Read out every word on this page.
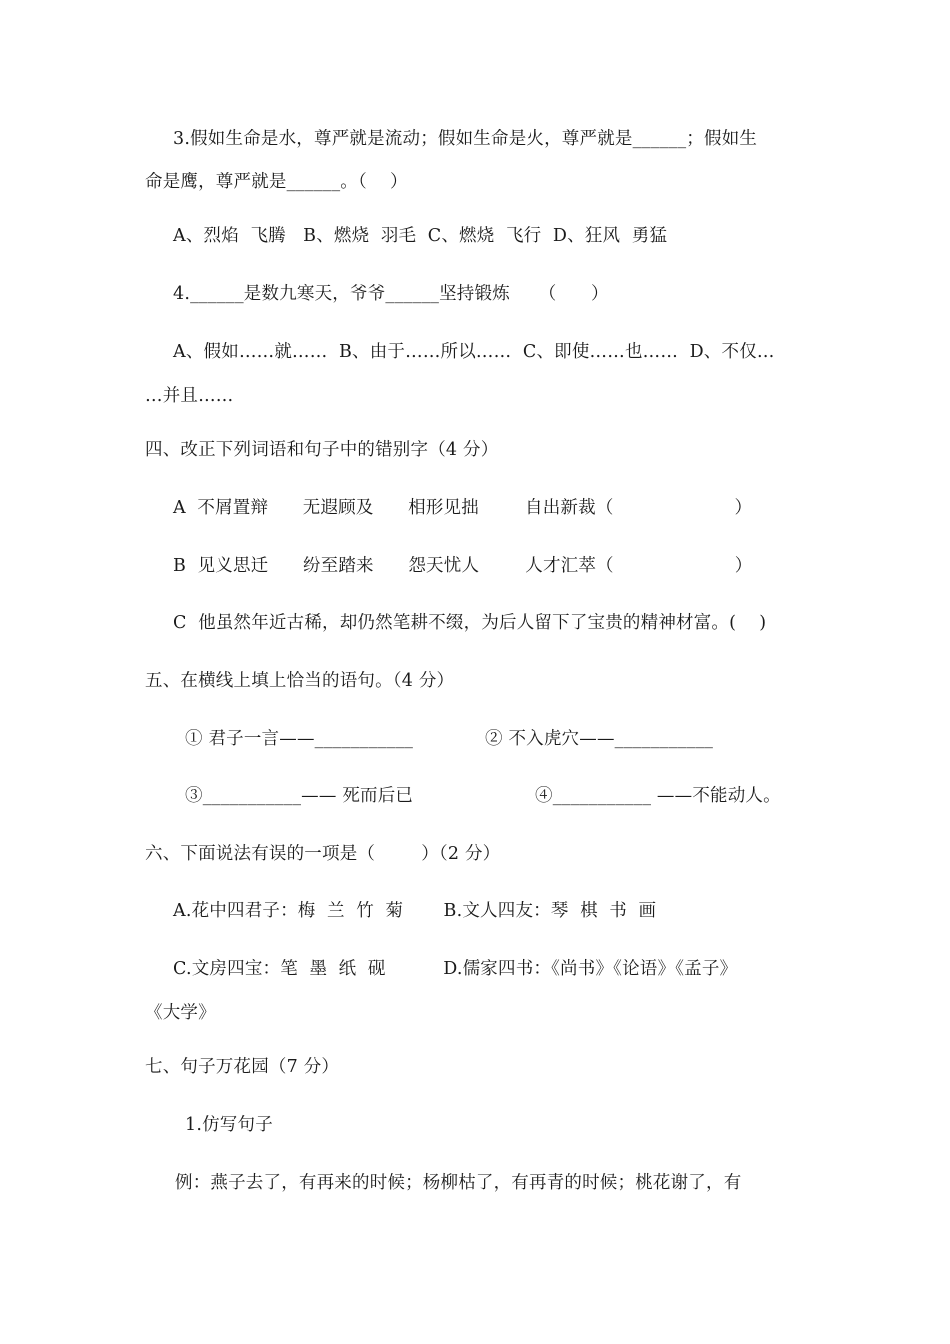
3.假如生命是水，尊严就是流动；假如生命是火，尊严就是______；假如生
命是鹰，尊严就是______。（    ）
A、烈焰  飞腾   B、燃烧  羽毛  C、燃烧  飞行  D、狂风  勇猛
4.______是数九寒天，爷爷______坚持锻炼     （      ）
A、假如……就……  B、由于……所以……  C、即使……也……  D、不仅…
…并且……
四、改正下列词语和句子中的错别字（4 分）
A  不屑置辩      无遐顾及      相形见拙        自出新裁（                     ）
B  见义思迁      纷至踏来      怨天忧人        人才汇萃（                     ）
C  他虽然年近古稀，却仍然笔耕不缀，为后人留下了宝贵的精神材富。(    )
五、在横线上填上恰当的语句。（4 分）
① 君子一言——___________	② 不入虎穴——___________
③___________—— 死而后已	④___________ ——不能动人。
六、下面说法有误的一项是（        ）（2 分）
A.花中四君子：梅  兰  竹  菊       B.文人四友：琴  棋  书  画
C.文房四宝：笔  墨  纸  砚          D.儒家四书：《尚书》《论语》《孟子》
《大学》
七、句子万花园（7 分）
1.仿写句子
例：燕子去了，有再来的时候；杨柳枯了，有再青的时候；桃花谢了，有
